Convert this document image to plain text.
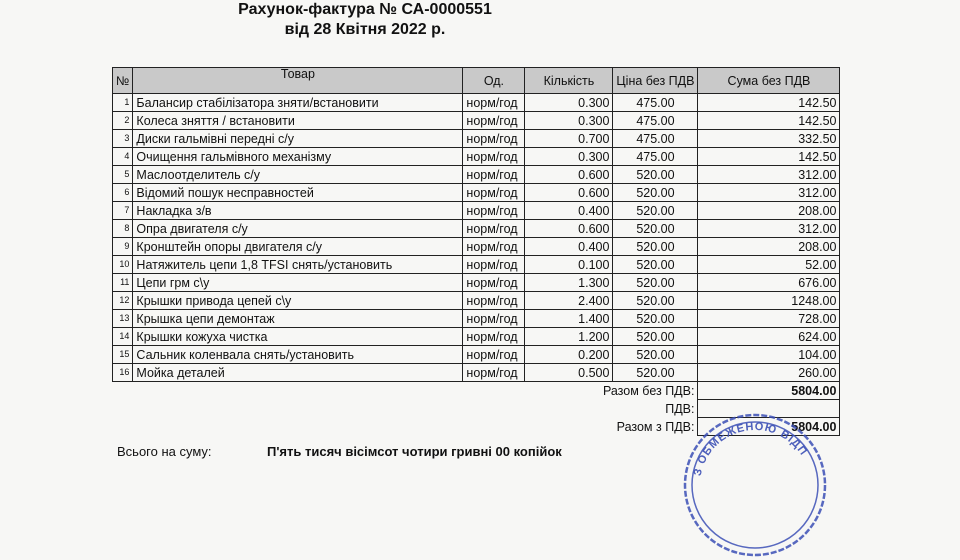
Рахунок-фактура № СА-0000551
від 28 Квітня 2022 р.
№	Товар	Од.	Кількість	Ціна без ПДВ	Сума без ПДВ
1	Балансир стабілізатора зняти/встановити	норм/год	0.300	475.00	142.50
2	Колеса зняття / встановити	норм/год	0.300	475.00	142.50
3	Диски гальмівні передні с/у	норм/год	0.700	475.00	332.50
4	Очищення гальмівного механізму	норм/год	0.300	475.00	142.50
5	Маслоотделитель с/у	норм/год	0.600	520.00	312.00
6	Відомий пошук несправностей	норм/год	0.600	520.00	312.00
7	Накладка з/в	норм/год	0.400	520.00	208.00
8	Опра двигателя с/у	норм/год	0.600	520.00	312.00
9	Кронштейн опоры двигателя с/у	норм/год	0.400	520.00	208.00
10	Натяжитель цепи 1,8 TFSI снять/установить	норм/год	0.100	520.00	52.00
11	Цепи грм с\у	норм/год	1.300	520.00	676.00
12	Крышки привода цепей с\у	норм/год	2.400	520.00	1248.00
13	Крышка цепи демонтаж	норм/год	1.400	520.00	728.00
14	Крышки кожуха чистка	норм/год	1.200	520.00	624.00
15	Сальник коленвала снять/установить	норм/год	0.200	520.00	104.00
16	Мойка деталей	норм/год	0.500	520.00	260.00
Разом без ПДВ:					5804.00
ПДВ:					
Разом з ПДВ:					5804.00
Всього на суму:	П'ять тисяч вісімсот чотири гривні 00 копійок
З ОБМЕЖЕНОЮ ВІДП
